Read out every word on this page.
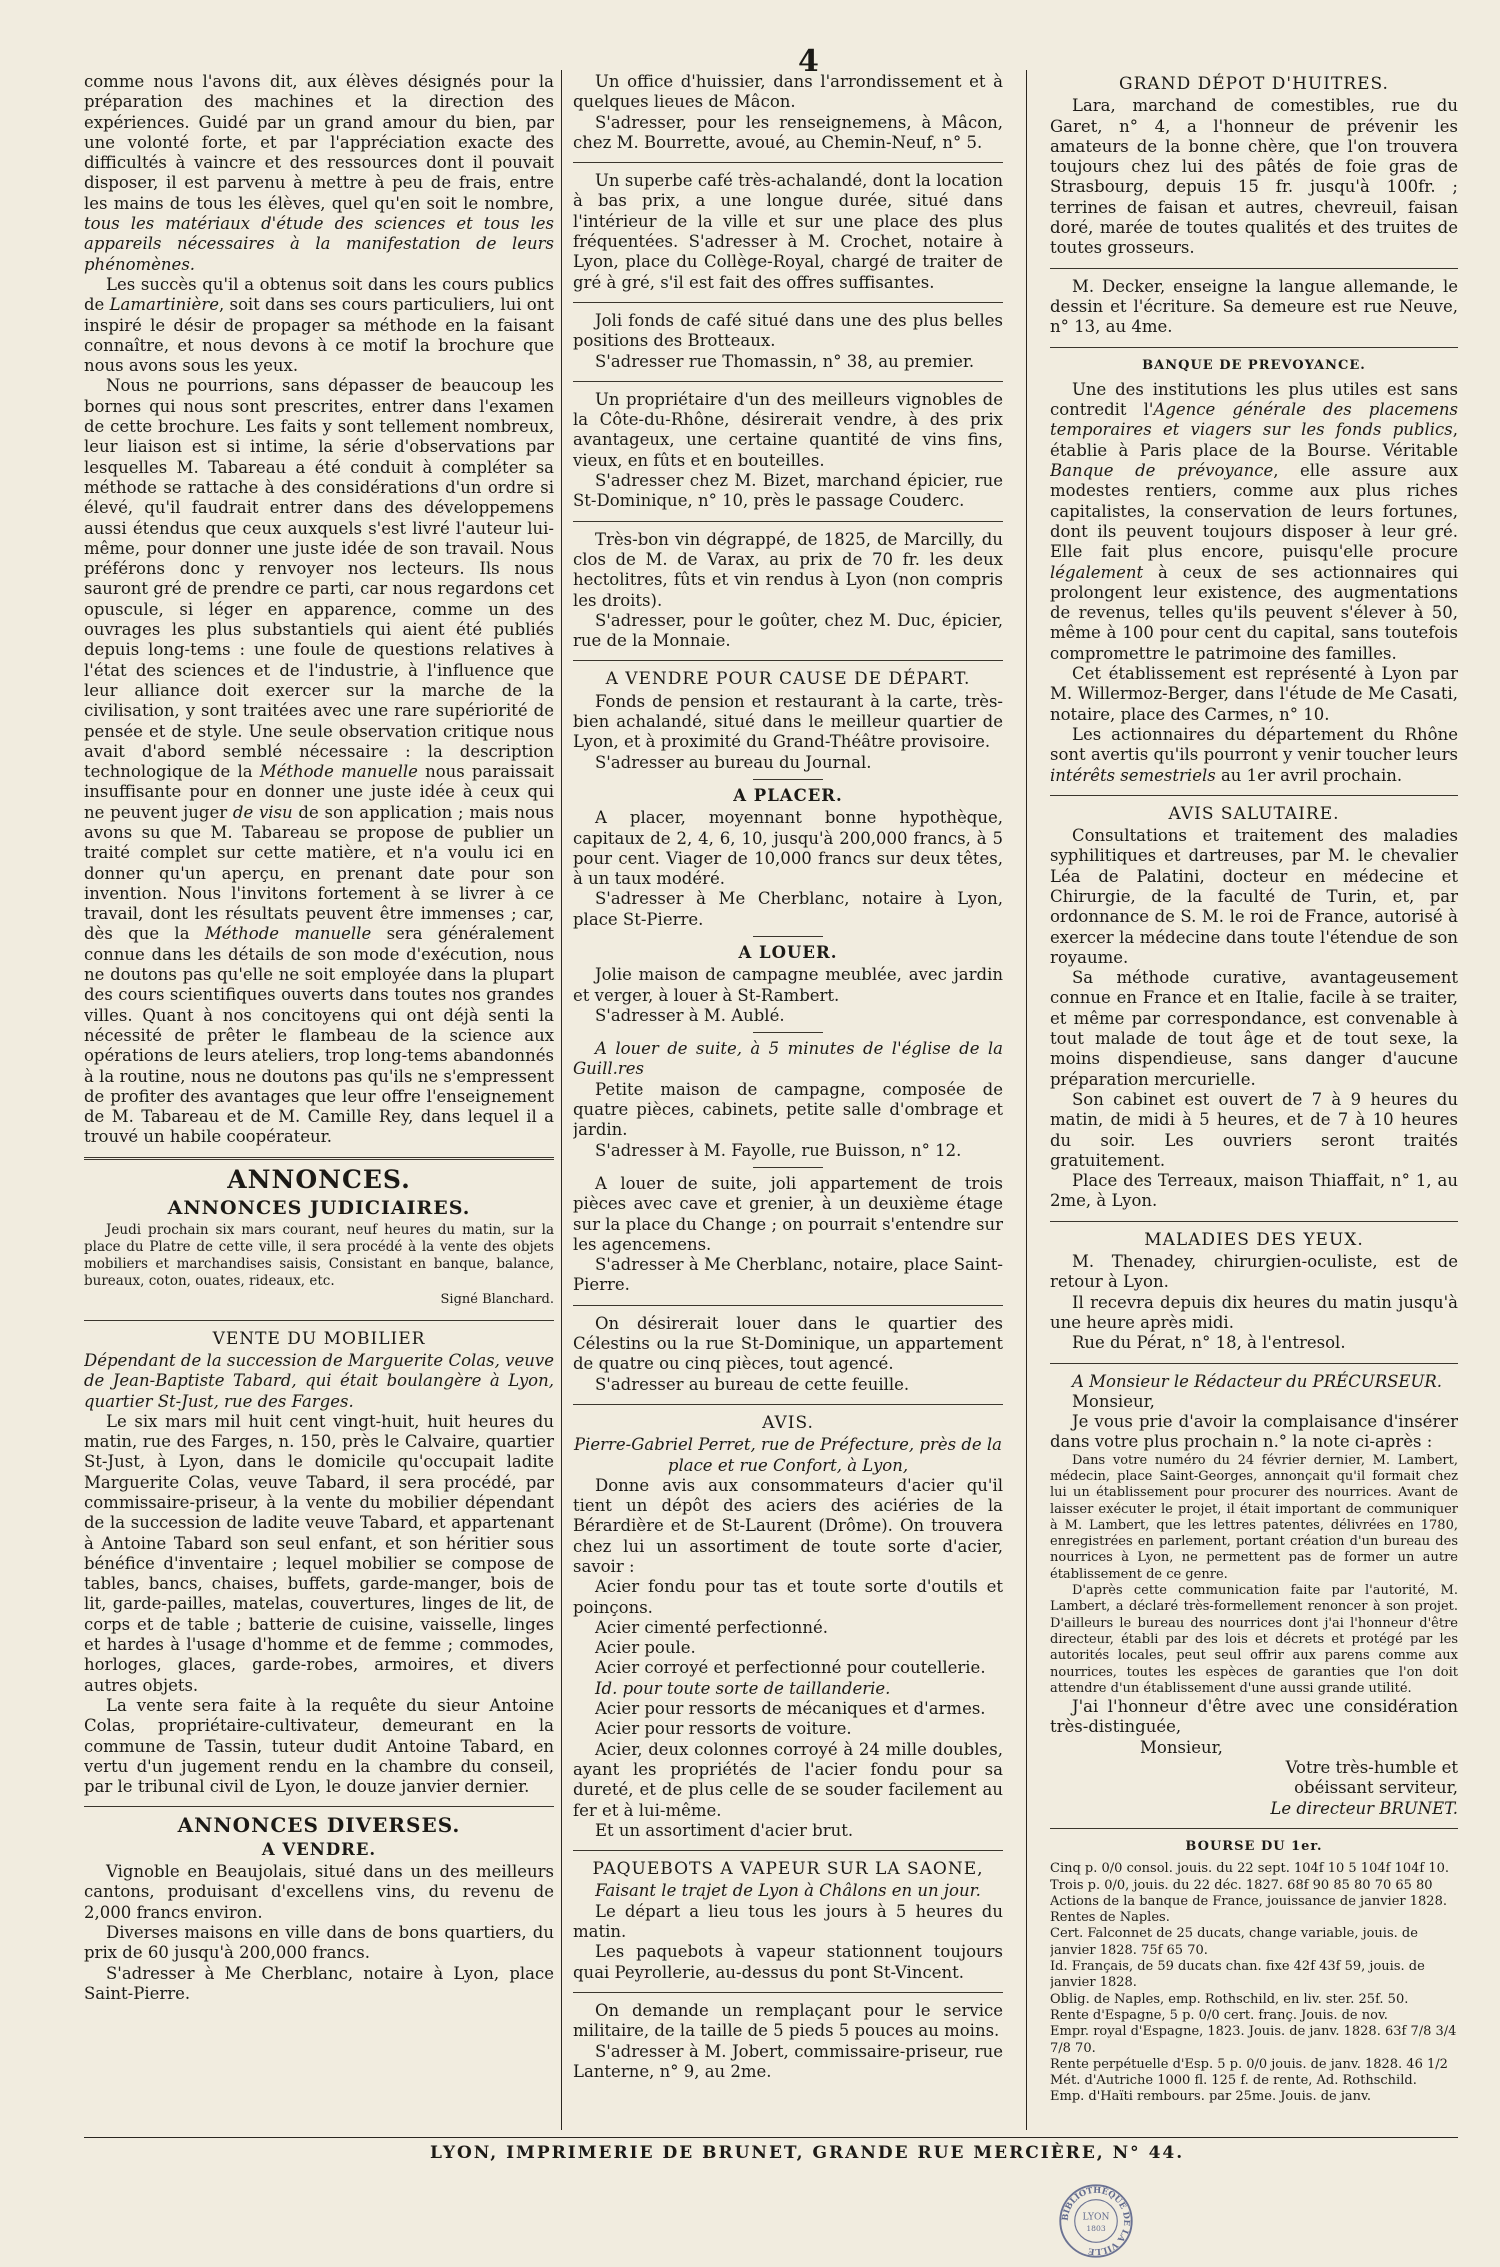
4

comme nous l'avons dit, aux élèves désignés pour la préparation des machines et la direction des expériences. Guidé par un grand amour du bien, par une volonté forte, et par l'appréciation exacte des difficultés à vaincre et des ressources dont il pouvait disposer, il est parvenu à mettre à peu de frais, entre les mains de tous les élèves, quel qu'en soit le nombre, tous les matériaux d'étude des sciences et tous les appareils nécessaires à la manifestation de leurs phénomènes.

Les succès qu'il a obtenus soit dans les cours publics de Lamartinière, soit dans ses cours particuliers, lui ont inspiré le désir de propager sa méthode en la faisant connaître, et nous devons à ce motif la brochure que nous avons sous les yeux.

Nous ne pourrions, sans dépasser de beaucoup les bornes qui nous sont prescrites, entrer dans l'examen de cette brochure. Les faits y sont tellement nombreux, leur liaison est si intime, la série d'observations par lesquelles M. Tabareau a été conduit à compléter sa méthode se rattache à des considérations d'un ordre si élevé, qu'il faudrait entrer dans des développemens aussi étendus que ceux auxquels s'est livré l'auteur lui-même, pour donner une juste idée de son travail. Nous préférons donc y renvoyer nos lecteurs. Ils nous sauront gré de prendre ce parti, car nous regardons cet opuscule, si léger en apparence, comme un des ouvrages les plus substantiels qui aient été publiés depuis long-tems : une foule de questions relatives à l'état des sciences et de l'industrie, à l'influence que leur alliance doit exercer sur la marche de la civilisation, y sont traitées avec une rare supériorité de pensée et de style. Une seule observation critique nous avait d'abord semblé nécessaire : la description technologique de la Méthode manuelle nous paraissait insuffisante pour en donner une juste idée à ceux qui ne peuvent juger de visu de son application ; mais nous avons su que M. Tabareau se propose de publier un traité complet sur cette matière, et n'a voulu ici en donner qu'un aperçu, en prenant date pour son invention. Nous l'invitons fortement à se livrer à ce travail, dont les résultats peuvent être immenses ; car, dès que la Méthode manuelle sera généralement connue dans les détails de son mode d'exécution, nous ne doutons pas qu'elle ne soit employée dans la plupart des cours scientifiques ouverts dans toutes nos grandes villes. Quant à nos concitoyens qui ont déjà senti la nécessité de prêter le flambeau de la science aux opérations de leurs ateliers, trop long-tems abandonnés à la routine, nous ne doutons pas qu'ils ne s'empressent de profiter des avantages que leur offre l'enseignement de M. Tabareau et de M. Camille Rey, dans lequel il a trouvé un habile coopérateur.

ANNONCES.
ANNONCES JUDICIAIRES.

Jeudi prochain six mars courant, neuf heures du matin, sur la place du Platre de cette ville, il sera procédé à la vente des objets mobiliers et marchandises saisis, Consistant en banque, balance, bureaux, coton, ouates, rideaux, etc.

Signé Blanchard.
VENTE DU MOBILIER

Dépendant de la succession de Marguerite Colas, veuve de Jean-Baptiste Tabard, qui était boulangère à Lyon, quartier St-Just, rue des Farges.

Le six mars mil huit cent vingt-huit, huit heures du matin, rue des Farges, n. 150, près le Calvaire, quartier St-Just, à Lyon, dans le domicile qu'occupait ladite Marguerite Colas, veuve Tabard, il sera procédé, par commissaire-priseur, à la vente du mobilier dépendant de la succession de ladite veuve Tabard, et appartenant à Antoine Tabard son seul enfant, et son héritier sous bénéfice d'inventaire ; lequel mobilier se compose de tables, bancs, chaises, buffets, garde-manger, bois de lit, garde-pailles, matelas, couvertures, linges de lit, de corps et de table ; batterie de cuisine, vaisselle, linges et hardes à l'usage d'homme et de femme ; commodes, horloges, glaces, garde-robes, armoires, et divers autres objets.

La vente sera faite à la requête du sieur Antoine Colas, propriétaire-cultivateur, demeurant en la commune de Tassin, tuteur dudit Antoine Tabard, en vertu d'un jugement rendu en la chambre du conseil, par le tribunal civil de Lyon, le douze janvier dernier.

ANNONCES DIVERSES.
A VENDRE.

Vignoble en Beaujolais, situé dans un des meilleurs cantons, produisant d'excellens vins, du revenu de 2,000 francs environ.

Diverses maisons en ville dans de bons quartiers, du prix de 60 jusqu'à 200,000 francs.

S'adresser à Me Cherblanc, notaire à Lyon, place Saint-Pierre.

Un office d'huissier, dans l'arrondissement et à quelques lieues de Mâcon.

S'adresser, pour les renseignemens, à Mâcon, chez M. Bourrette, avoué, au Chemin-Neuf, n° 5.

Un superbe café très-achalandé, dont la location à bas prix, a une longue durée, situé dans l'intérieur de la ville et sur une place des plus fréquentées. S'adresser à M. Crochet, notaire à Lyon, place du Collège-Royal, chargé de traiter de gré à gré, s'il est fait des offres suffisantes.

Joli fonds de café situé dans une des plus belles positions des Brotteaux.

S'adresser rue Thomassin, n° 38, au premier.

Un propriétaire d'un des meilleurs vignobles de la Côte-du-Rhône, désirerait vendre, à des prix avantageux, une certaine quantité de vins fins, vieux, en fûts et en bouteilles.

S'adresser chez M. Bizet, marchand épicier, rue St-Dominique, n° 10, près le passage Couderc.

Très-bon vin dégrappé, de 1825, de Marcilly, du clos de M. de Varax, au prix de 70 fr. les deux hectolitres, fûts et vin rendus à Lyon (non compris les droits).

S'adresser, pour le goûter, chez M. Duc, épicier, rue de la Monnaie.

A VENDRE POUR CAUSE DE DÉPART.

Fonds de pension et restaurant à la carte, très-bien achalandé, situé dans le meilleur quartier de Lyon, et à proximité du Grand-Théâtre provisoire.

S'adresser au bureau du Journal.

A PLACER.

A placer, moyennant bonne hypothèque, capitaux de 2, 4, 6, 10, jusqu'à 200,000 francs, à 5 pour cent. Viager de 10,000 francs sur deux têtes, à un taux modéré.

S'adresser à Me Cherblanc, notaire à Lyon, place St-Pierre.

A LOUER.

Jolie maison de campagne meublée, avec jardin et verger, à louer à St-Rambert.

S'adresser à M. Aublé.

A louer de suite, à 5 minutes de l'église de la Guill.res

Petite maison de campagne, composée de quatre pièces, cabinets, petite salle d'ombrage et jardin.

S'adresser à M. Fayolle, rue Buisson, n° 12.

A louer de suite, joli appartement de trois pièces avec cave et grenier, à un deuxième étage sur la place du Change ; on pourrait s'entendre sur les agencemens.

S'adresser à Me Cherblanc, notaire, place Saint-Pierre.

On désirerait louer dans le quartier des Célestins ou la rue St-Dominique, un appartement de quatre ou cinq pièces, tout agencé.

S'adresser au bureau de cette feuille.

AVIS.

Pierre-Gabriel Perret, rue de Préfecture, près de la place et rue Confort, à Lyon,

Donne avis aux consommateurs d'acier qu'il tient un dépôt des aciers des aciéries de la Bérardière et de St-Laurent (Drôme). On trouvera chez lui un assortiment de toute sorte d'acier, savoir :

Acier fondu pour tas et toute sorte d'outils et poinçons.

Acier cimenté perfectionné.

Acier poule.

Acier corroyé et perfectionné pour coutellerie.

Id. pour toute sorte de taillanderie.

Acier pour ressorts de mécaniques et d'armes.

Acier pour ressorts de voiture.

Acier, deux colonnes corroyé à 24 mille doubles, ayant les propriétés de l'acier fondu pour sa dureté, et de plus celle de se souder facilement au fer et à lui-même.

Et un assortiment d'acier brut.

PAQUEBOTS A VAPEUR SUR LA SAONE,

Faisant le trajet de Lyon à Châlons en un jour.

Le départ a lieu tous les jours à 5 heures du matin.

Les paquebots à vapeur stationnent toujours quai Peyrollerie, au-dessus du pont St-Vincent.

On demande un remplaçant pour le service militaire, de la taille de 5 pieds 5 pouces au moins.

S'adresser à M. Jobert, commissaire-priseur, rue Lanterne, n° 9, au 2me.

GRAND DÉPOT D'HUITRES.

Lara, marchand de comestibles, rue du Garet, n° 4, a l'honneur de prévenir les amateurs de la bonne chère, que l'on trouvera toujours chez lui des pâtés de foie gras de Strasbourg, depuis 15 fr. jusqu'à 100fr. ; terrines de faisan et autres, chevreuil, faisan doré, marée de toutes qualités et des truites de toutes grosseurs.

M. Decker, enseigne la langue allemande, le dessin et l'écriture. Sa demeure est rue Neuve, n° 13, au 4me.

BANQUE DE PREVOYANCE.

Une des institutions les plus utiles est sans contredit l'Agence générale des placemens temporaires et viagers sur les fonds publics, établie à Paris place de la Bourse. Véritable Banque de prévoyance, elle assure aux modestes rentiers, comme aux plus riches capitalistes, la conservation de leurs fortunes, dont ils peuvent toujours disposer à leur gré. Elle fait plus encore, puisqu'elle procure légalement à ceux de ses actionnaires qui prolongent leur existence, des augmentations de revenus, telles qu'ils peuvent s'élever à 50, même à 100 pour cent du capital, sans toutefois compromettre le patrimoine des familles.

Cet établissement est représenté à Lyon par M. Willermoz-Berger, dans l'étude de Me Casati, notaire, place des Carmes, n° 10.

Les actionnaires du département du Rhône sont avertis qu'ils pourront y venir toucher leurs intérêts semestriels au 1er avril prochain.

AVIS SALUTAIRE.

Consultations et traitement des maladies syphilitiques et dartreuses, par M. le chevalier Léa de Palatini, docteur en médecine et Chirurgie, de la faculté de Turin, et, par ordonnance de S. M. le roi de France, autorisé à exercer la médecine dans toute l'étendue de son royaume.

Sa méthode curative, avantageusement connue en France et en Italie, facile à se traiter, et même par correspondance, est convenable à tout malade de tout âge et de tout sexe, la moins dispendieuse, sans danger d'aucune préparation mercurielle.

Son cabinet est ouvert de 7 à 9 heures du matin, de midi à 5 heures, et de 7 à 10 heures du soir. Les ouvriers seront traités gratuitement.

Place des Terreaux, maison Thiaffait, n° 1, au 2me, à Lyon.

MALADIES DES YEUX.

M. Thenadey, chirurgien-oculiste, est de retour à Lyon.

Il recevra depuis dix heures du matin jusqu'à une heure après midi.

Rue du Pérat, n° 18, à l'entresol.

A Monsieur le Rédacteur du PRÉCURSEUR.

Monsieur,

Je vous prie d'avoir la complaisance d'insérer dans votre plus prochain n.° la note ci-après :

Dans votre numéro du 24 février dernier, M. Lambert, médecin, place Saint-Georges, annonçait qu'il formait chez lui un établissement pour procurer des nourrices. Avant de laisser exécuter le projet, il était important de communiquer à M. Lambert, que les lettres patentes, délivrées en 1780, enregistrées en parlement, portant création d'un bureau des nourrices à Lyon, ne permettent pas de former un autre établissement de ce genre.

D'après cette communication faite par l'autorité, M. Lambert, a déclaré très-formellement renoncer à son projet. D'ailleurs le bureau des nourrices dont j'ai l'honneur d'être directeur, établi par des lois et décrets et protégé par les autorités locales, peut seul offrir aux parens comme aux nourrices, toutes les espèces de garanties que l'on doit attendre d'un établissement d'une aussi grande utilité.

J'ai l'honneur d'être avec une considération très-distinguée,

Monsieur,

Votre très-humble et

obéissant serviteur,

Le directeur BRUNET.

BOURSE DU 1er.

Cinq p. 0/0 consol. jouis. du 22 sept. 104f 10 5 104f 104f 10.

Trois p. 0/0, jouis. du 22 déc. 1827. 68f 90 85 80 70 65 80

Actions de la banque de France, jouissance de janvier 1828.

Rentes de Naples.

Cert. Falconnet de 25 ducats, change variable, jouis. de janvier 1828. 75f 65 70.

Id. Français, de 59 ducats chan. fixe 42f 43f 59, jouis. de janvier 1828.

Oblig. de Naples, emp. Rothschild, en liv. ster. 25f. 50.

Rente d'Espagne, 5 p. 0/0 cert. franç. Jouis. de nov.

Empr. royal d'Espagne, 1823. Jouis. de janv. 1828. 63f 7/8 3/4 7/8 70.

Rente perpétuelle d'Esp. 5 p. 0/0 jouis. de janv. 1828. 46 1/2

Mét. d'Autriche 1000 fl. 125 f. de rente, Ad. Rothschild.

Emp. d'Haïti rembours. par 25me. Jouis. de janv.

LYON, IMPRIMERIE DE BRUNET, GRANDE RUE MERCIÈRE, N° 44.
BIBLIOTHÈQUE DE LA VILLE
LYON
1803
